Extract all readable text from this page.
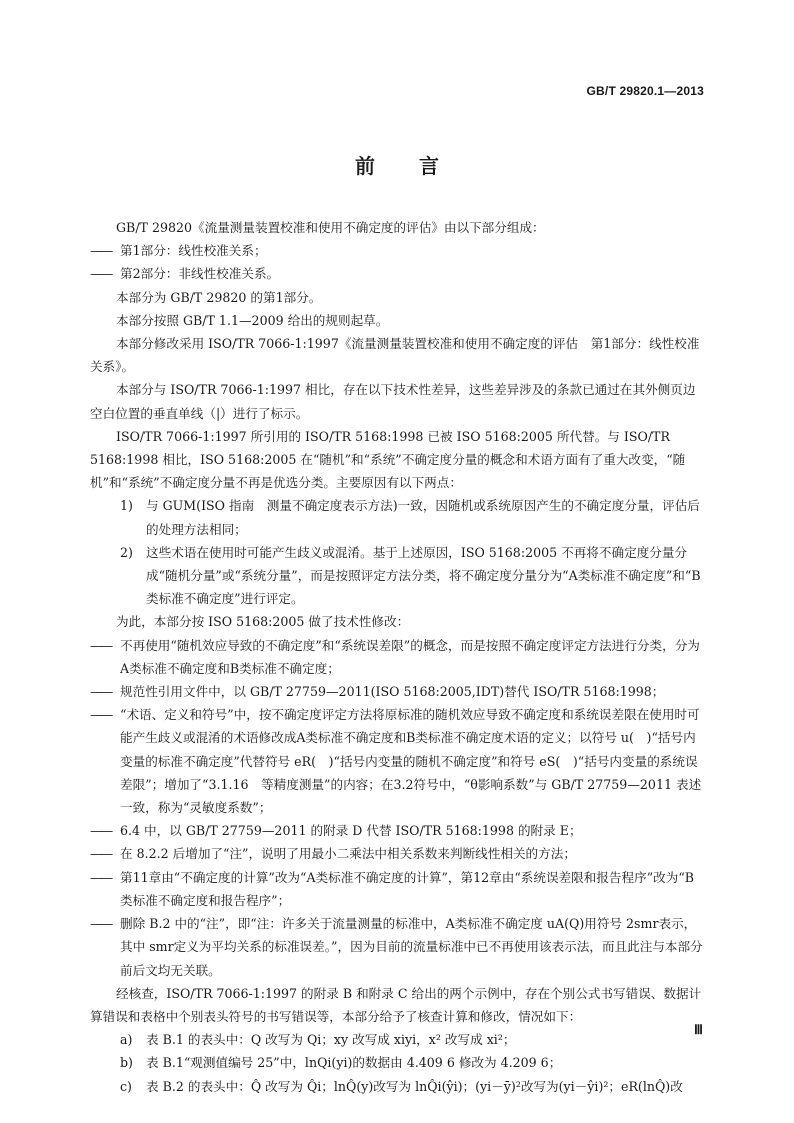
GB/T 29820.1—2013
前 言
GB/T 29820《流量测量装置校准和使用不确定度的评估》由以下部分组成：
—— 第1部分：线性校准关系；
—— 第2部分：非线性校准关系。
本部分为 GB/T 29820 的第1部分。
本部分按照 GB/T 1.1—2009 给出的规则起草。
本部分修改采用 ISO/TR 7066-1:1997《流量测量装置校准和使用不确定度的评估　第1部分：线性校准关系》。
本部分与 ISO/TR 7066-1:1997 相比，存在以下技术性差异，这些差异涉及的条款已通过在其外侧页边空白位置的垂直单线（|）进行了标示。
ISO/TR 7066-1:1997 所引用的 ISO/TR 5168:1998 已被 ISO 5168:2005 所代替。与 ISO/TR 5168:1998 相比，ISO 5168:2005 在“随机”和“系统”不确定度分量的概念和术语方面有了重大改变，“随机”和“系统”不确定度分量不再是优选分类。主要原因有以下两点：
1) 与 GUM(ISO 指南　测量不确定度表示方法)一致，因随机或系统原因产生的不确定度分量，评估后的处理方法相同；
2) 这些术语在使用时可能产生歧义或混淆。基于上述原因，ISO 5168:2005 不再将不确定度分量分成“随机分量”或“系统分量”，而是按照评定方法分类，将不确定度分量分为“A类标准不确定度”和“B类标准不确定度”进行评定。
为此，本部分按 ISO 5168:2005 做了技术性修改：
—— 不再使用“随机效应导致的不确定度”和“系统误差限”的概念，而是按照不确定度评定方法进行分类，分为A类标准不确定度和B类标准不确定度；
—— 规范性引用文件中，以 GB/T 27759—2011(ISO 5168:2005,IDT)替代 ISO/TR 5168:1998；
—— “术语、定义和符号”中，按不确定度评定方法将原标准的随机效应导致不确定度和系统误差限在使用时可能产生歧义或混淆的术语修改成A类标准不确定度和B类标准不确定度术语的定义；以符号 u(　)“括号内变量的标准不确定度”代替符号 eR(　)“括号内变量的随机不确定度”和符号 eS(　)“括号内变量的系统误差限”；增加了“3.1.16　等精度测量”的内容；在3.2符号中，“θ影响系数”与 GB/T 27759—2011 表述一致，称为“灵敏度系数”；
—— 6.4 中，以 GB/T 27759—2011 的附录 D 代替 ISO/TR 5168:1998 的附录 E；
—— 在 8.2.2 后增加了“注”，说明了用最小二乘法中相关系数来判断线性相关的方法；
—— 第11章由“不确定度的计算”改为“A类标准不确定度的计算”，第12章由“系统误差限和报告程序”改为“B类标准不确定度和报告程序”；
—— 删除 B.2 中的“注”，即“注：许多关于流量测量的标准中，A类标准不确定度 uA(Q)用符号 2smr表示，其中 smr定义为平均关系的标准误差。”，因为目前的流量标准中已不再使用该表示法，而且此注与本部分前后文均无关联。
经核查，ISO/TR 7066-1:1997 的附录 B 和附录 C 给出的两个示例中，存在个别公式书写错误、数据计算错误和表格中个别表头符号的书写错误等，本部分给予了核查计算和修改，情况如下：
a) 表 B.1 的表头中：Q 改写为 Qi；xy 改写成 xiyi，x² 改写成 xi²；
b) 表 B.1“观测值编号 25”中，lnQi(yi)的数据由 4.409 6 修改为 4.209 6；
c) 表 B.2 的表头中：Q̂ 改写为 Q̂i；lnQ̂(y)改写为 lnQ̂i(ŷi)；(yi－ȳ)²改写为(yi－ŷi)²；eR(lnQ̂)改
Ⅲ
